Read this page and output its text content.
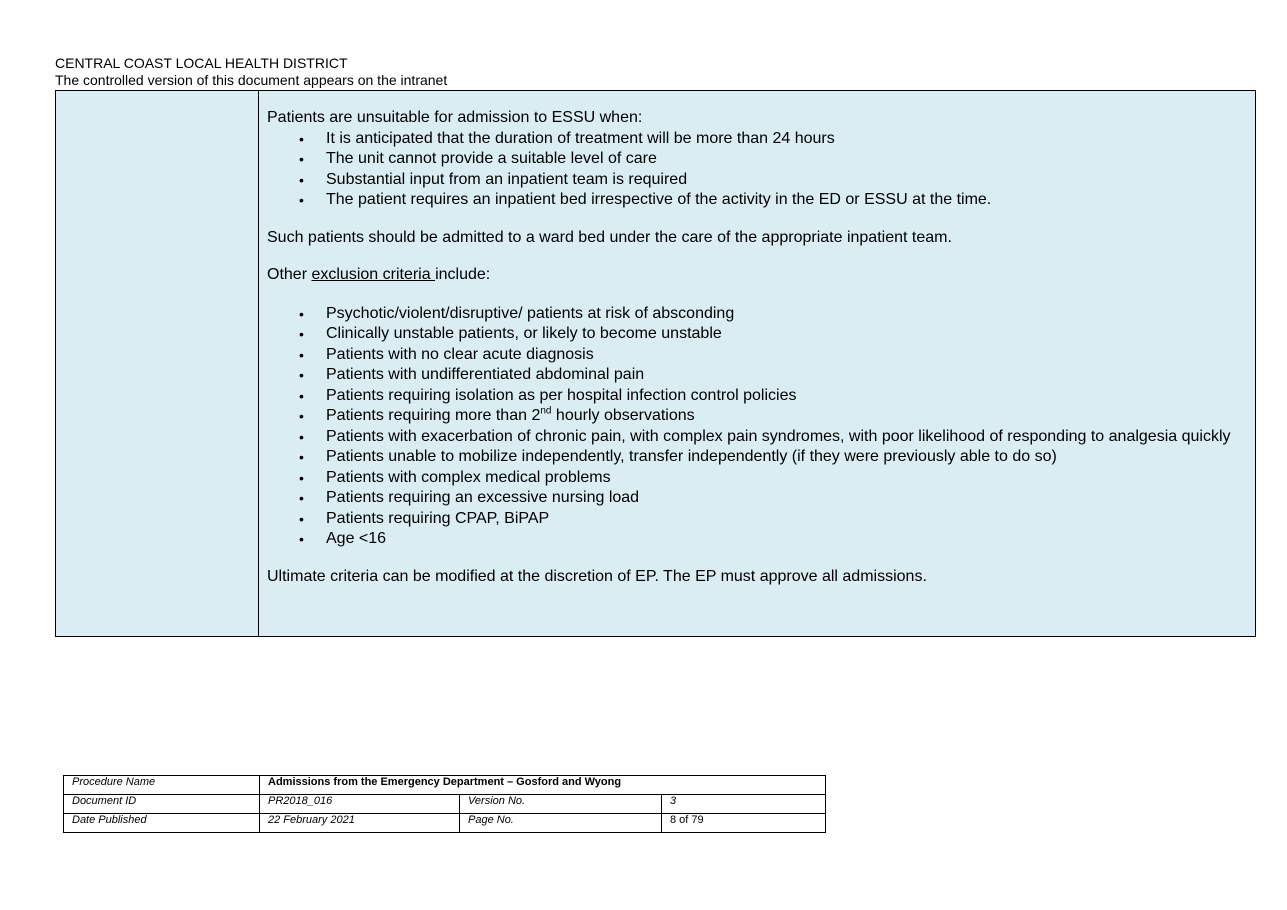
CENTRAL COAST LOCAL HEALTH DISTRICT
The controlled version of this document appears on the intranet

Patients are unsuitable for admission to ESSU when:

• It is anticipated that the duration of treatment will be more than 24 hours
• The unit cannot provide a suitable level of care
• Substantial input from an inpatient team is required
• The patient requires an inpatient bed irrespective of the activity in the ED or ESSU at the time.

Such patients should be admitted to a ward bed under the care of the appropriate inpatient team.

Other exclusion criteria include:

• Psychotic/violent/disruptive/ patients at risk of absconding
• Clinically unstable patients, or likely to become unstable
• Patients with no clear acute diagnosis
• Patients with undifferentiated abdominal pain
• Patients requiring isolation as per hospital infection control policies
• Patients requiring more than 2nd hourly observations
• Patients with exacerbation of chronic pain, with complex pain syndromes, with poor likelihood of responding to analgesia quickly
• Patients unable to mobilize independently, transfer independently (if they were previously able to do so)
• Patients with complex medical problems
• Patients requiring an excessive nursing load
• Patients requiring CPAP, BiPAP
• Age <16

Ultimate criteria can be modified at the discretion of EP. The EP must approve all admissions.

Procedure Name	Admissions from the Emergency Department – Gosford and Wyong		
Document ID	PR2018_016	Version No.	3
Date Published	22 February 2021	Page No.	8 of 79
